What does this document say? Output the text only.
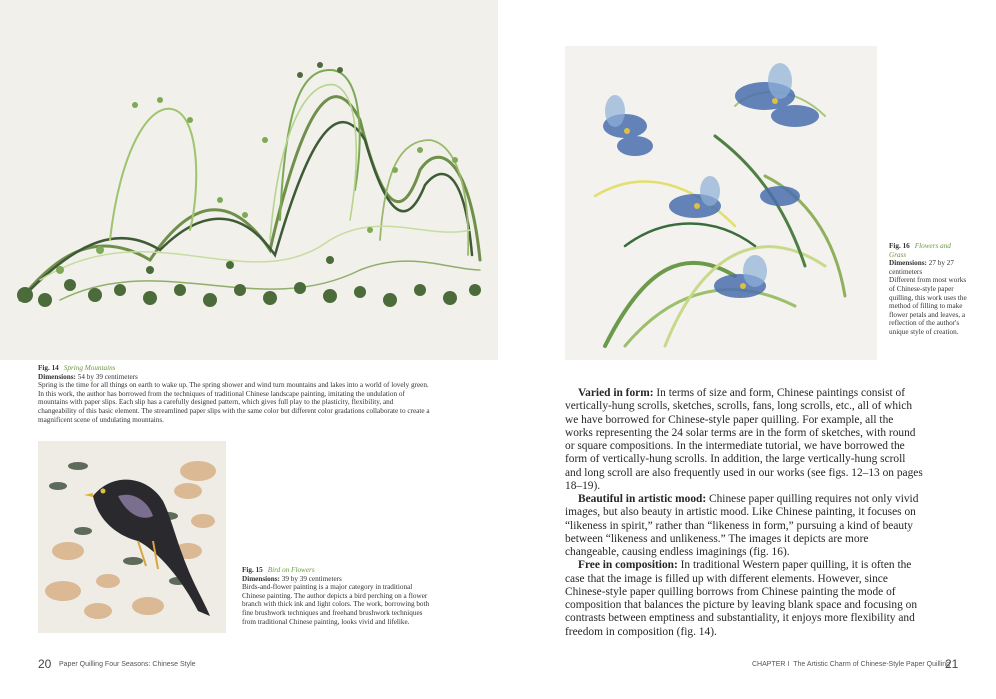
Fig. 14 Spring Mountains

Dimensions: 54 by 39 centimeters

Spring is the time for all things on earth to wake up. The spring shower and wind turn mountains and lakes into a world of lovely green. In this work, the author has borrowed from the techniques of traditional Chinese landscape painting, imitating the undulation of mountains with paper slips. Each slip has a carefully designed pattern, which gives full play to the plasticity, flexibility, and changeability of this basic element. The streamlined paper slips with the same color but different color gradations collaborate to create a magnificent scene of undulating mountains.

Fig. 15 Bird on Flowers

Dimensions: 39 by 39 centimeters

Birds-and-flower painting is a major category in traditional Chinese painting. The author depicts a bird perching on a flower branch with thick ink and light colors. The work, borrowing both fine brushwork techniques and freehand brushwork techniques from traditional Chinese painting, looks vivid and lifelike.

Fig. 16 Flowers and Grass

Dimensions: 27 by 27 centimeters

Different from most works of Chinese-style paper quilling, this work uses the method of filling to make flower petals and leaves, a reflection of the author's unique style of creation.

Varied in form: In terms of size and form, Chinese paintings consist of vertically-hung scrolls, sketches, scrolls, fans, long scrolls, etc., all of which we have borrowed for Chinese-style paper quilling. For example, all the works representing the 24 solar terms are in the form of sketches, with round or square compositions. In the intermediate tutorial, we have borrowed the form of vertically-hung scrolls. In addition, the large vertically-hung scroll and long scroll are also frequently used in our works (see figs. 12–13 on pages 18–19).

Beautiful in artistic mood: Chinese paper quilling requires not only vivid images, but also beauty in artistic mood. Like Chinese painting, it focuses on “likeness in spirit,” rather than “likeness in form,” pursuing a kind of beauty between “likeness and unlikeness.” The images it depicts are more changeable, causing endless imaginings (fig. 16).

Free in composition: In traditional Western paper quilling, it is often the case that the image is filled up with different elements. However, since Chinese-style paper quilling borrows from Chinese painting the mode of composition that balances the picture by leaving blank space and focusing on contrasts between emptiness and substantiality, it enjoys more flexibility and freedom in composition (fig. 14).

20 Paper Quilling Four Seasons: Chinese Style	CHAPTER I The Artistic Charm of Chinese-Style Paper Quilling
21
